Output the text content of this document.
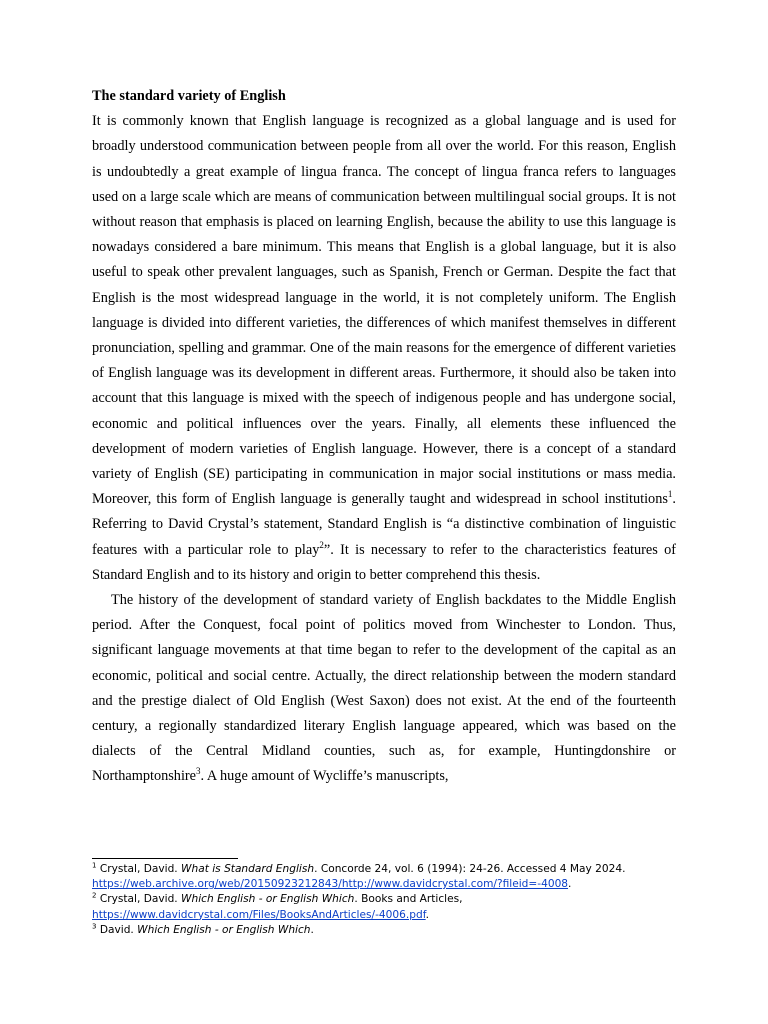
The standard variety of English

It is commonly known that English language is recognized as a global language and is used for broadly understood communication between people from all over the world. For this reason, English is undoubtedly a great example of lingua franca. The concept of lingua franca refers to languages used on a large scale which are means of communication between multilingual social groups. It is not without reason that emphasis is placed on learning English, because the ability to use this language is nowadays considered a bare minimum. This means that English is a global language, but it is also useful to speak other prevalent languages, such as Spanish, French or German. Despite the fact that English is the most widespread language in the world, it is not completely uniform. The English language is divided into different varieties, the differences of which manifest themselves in different pronunciation, spelling and grammar. One of the main reasons for the emergence of different varieties of English language was its development in different areas. Furthermore, it should also be taken into account that this language is mixed with the speech of indigenous people and has undergone social, economic and political influences over the years. Finally, all elements these influenced the development of modern varieties of English language. However, there is a concept of a standard variety of English (SE) participating in communication in major social institutions or mass media. Moreover, this form of English language is generally taught and widespread in school institutions$^1$. Referring to David Crystal’s statement, Standard English is “a distinctive combination of linguistic features with a particular role to play$^2$”. It is necessary to refer to the characteristics features of Standard English and to its history and origin to better comprehend this thesis.

The history of the development of standard variety of English backdates to the Middle English period. After the Conquest, focal point of politics moved from Winchester to London. Thus, significant language movements at that time began to refer to the development of the capital as an economic, political and social centre. Actually, the direct relationship between the modern standard and the prestige dialect of Old English (West Saxon) does not exist. At the end of the fourteenth century, a regionally standardized literary English language appeared, which was based on the dialects of the Central Midland counties, such as, for example, Huntingdonshire or Northamptonshire$^3$. A huge amount of Wycliffe’s manuscripts,

$^1$ Crystal, David. What is Standard English. Concorde 24, vol. 6 (1994): 24-26. Accessed 4 May 2024.
https://web.archive.org/web/20150923212843/http://www.davidcrystal.com/?fileid=-4008.

$^2$ Crystal, David. Which English - or English Which. Books and Articles,
https://www.davidcrystal.com/Files/BooksAndArticles/-4006.pdf.

$^3$ David. Which English - or English Which.
